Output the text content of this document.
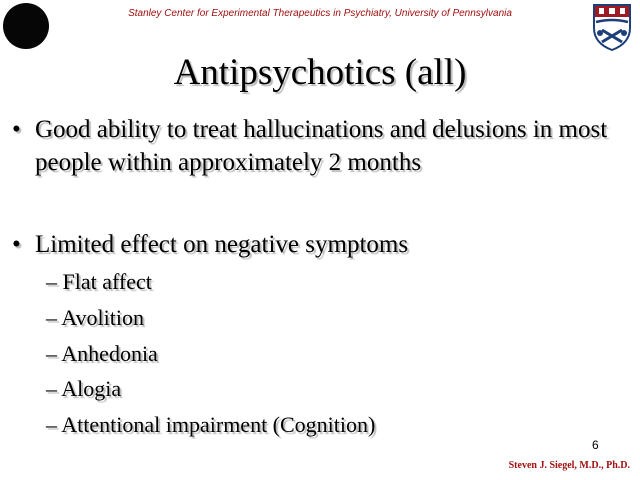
Stanley Center for Experimental Therapeutics in Psychiatry, University of Pennsylvania
Antipsychotics (all)
• Good ability to treat hallucinations and delusions in most people within approximately 2 months
• Limited effect on negative symptoms
– Flat affect
– Avolition
– Anhedonia
– Alogia
– Attentional impairment (Cognition)
6
Steven J. Siegel, M.D., Ph.D.
